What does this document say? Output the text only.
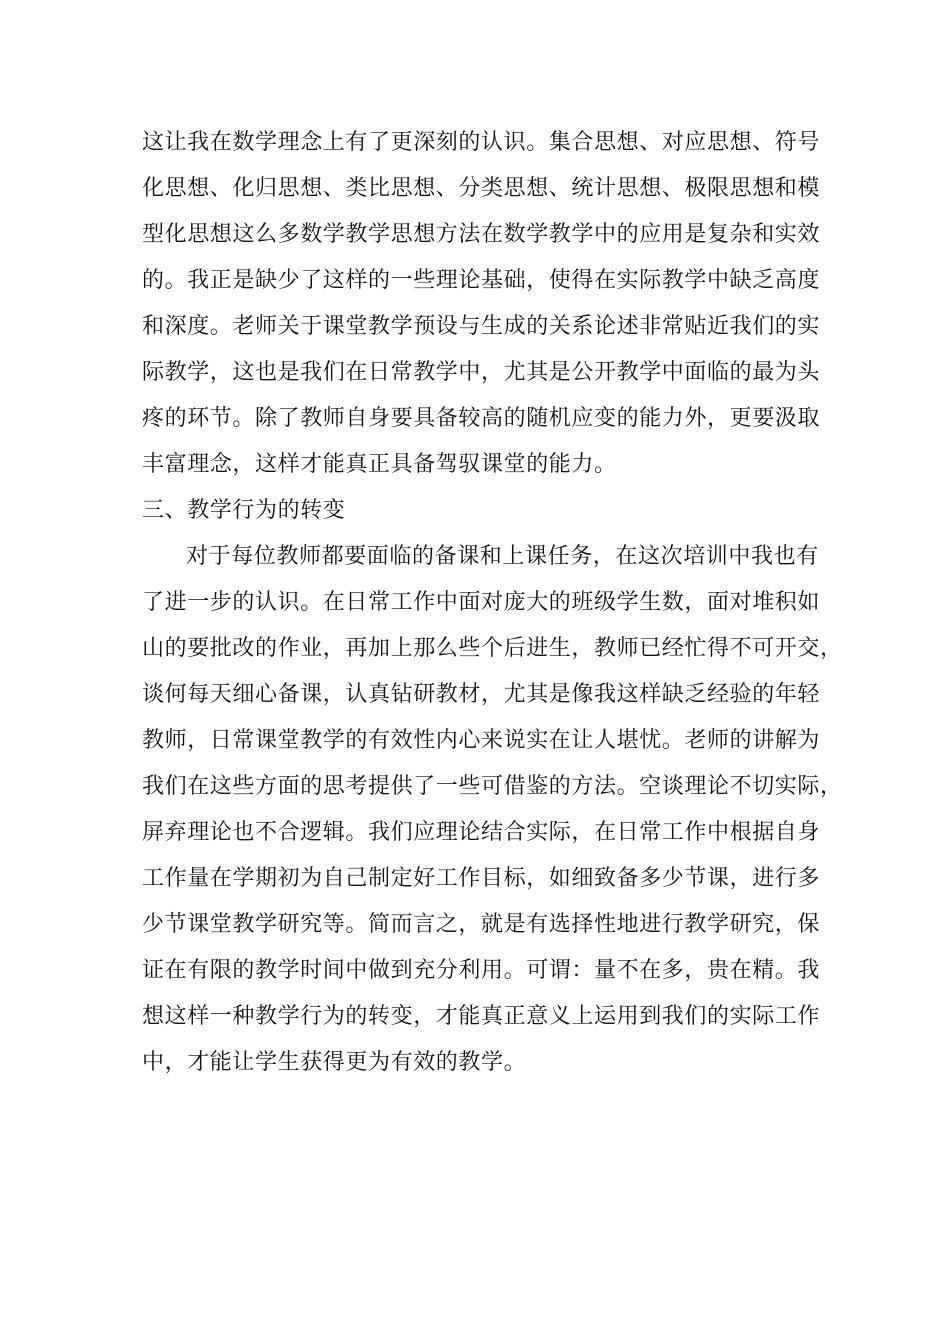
这让我在数学理念上有了更深刻的认识。集合思想、对应思想、符号
化思想、化归思想、类比思想、分类思想、统计思想、极限思想和模
型化思想这么多数学教学思想方法在数学教学中的应用是复杂和实效
的。我正是缺少了这样的一些理论基础，使得在实际教学中缺乏高度
和深度。老师关于课堂教学预设与生成的关系论述非常贴近我们的实
际教学，这也是我们在日常教学中，尤其是公开教学中面临的最为头
疼的环节。除了教师自身要具备较高的随机应变的能力外，更要汲取
丰富理念，这样才能真正具备驾驭课堂的能力。
三、教学行为的转变
对于每位教师都要面临的备课和上课任务，在这次培训中我也有
了进一步的认识。在日常工作中面对庞大的班级学生数，面对堆积如
山的要批改的作业，再加上那么些个后进生，教师已经忙得不可开交，
谈何每天细心备课，认真钻研教材，尤其是像我这样缺乏经验的年轻
教师，日常课堂教学的有效性内心来说实在让人堪忧。老师的讲解为
我们在这些方面的思考提供了一些可借鉴的方法。空谈理论不切实际，
屏弃理论也不合逻辑。我们应理论结合实际，在日常工作中根据自身
工作量在学期初为自己制定好工作目标，如细致备多少节课，进行多
少节课堂教学研究等。简而言之，就是有选择性地进行教学研究，保
证在有限的教学时间中做到充分利用。可谓：量不在多，贵在精。我
想这样一种教学行为的转变，才能真正意义上运用到我们的实际工作
中，才能让学生获得更为有效的教学。
